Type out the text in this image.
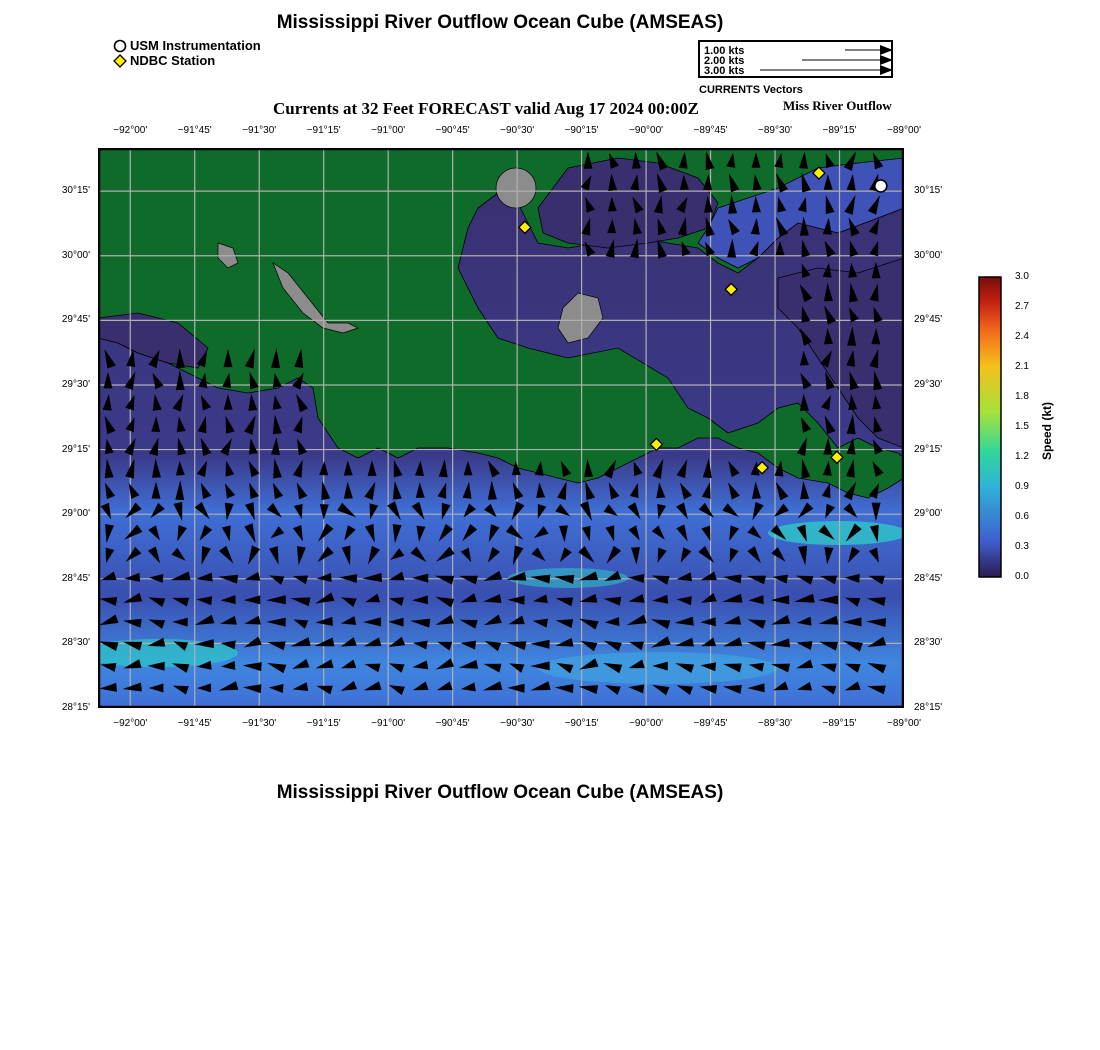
Mississippi River Outflow Ocean Cube (AMSEAS)
USM Instrumentation
NDBC Station
1.00 kts
2.00 kts
3.00 kts
CURRENTS Vectors
Currents at 32 Feet FORECAST valid Aug 17 2024 00:00Z	Miss River Outflow
−92°00'	−91°45'	−91°30'	−91°15'	−91°00'	−90°45'	−90°30'	−90°15'	−90°00'	−89°45'	−89°30'	−89°15'	−89°00'
−92°00'	−91°45'	−91°30'	−91°15'	−91°00'	−90°45'	−90°30'	−90°15'	−90°00'	−89°45'	−89°30'	−89°15'	−89°00'
30°15'
30°00'
29°45'
29°30'
29°15'
29°00'
28°45'
28°30'
28°15'
30°15'
30°00'
29°45'
29°30'
29°15'
29°00'
28°45'
28°30'
28°15'
3.0
2.7
2.4
2.1
1.8
1.5
1.2
0.9
0.6
0.3
0.0
Speed (kt)
Mississippi River Outflow Ocean Cube (AMSEAS)
